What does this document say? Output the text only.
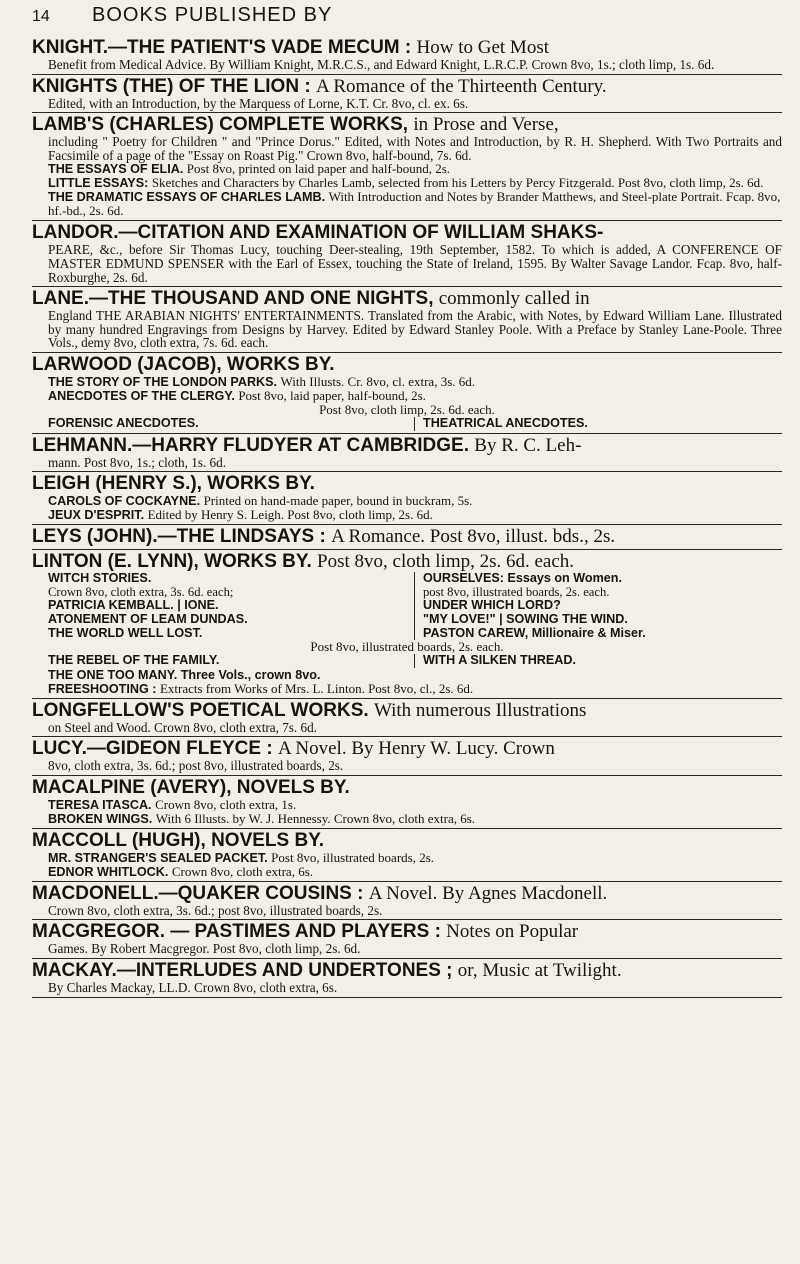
14	BOOKS PUBLISHED BY
KNIGHT.—THE PATIENT'S VADE MECUM : How to Get Most
Benefit from Medical Advice. By William Knight, M.R.C.S., and Edward Knight, L.R.C.P. Crown 8vo, 1s.; cloth limp, 1s. 6d.
KNIGHTS (THE) OF THE LION : A Romance of the Thirteenth Century.
Edited, with an Introduction, by the Marquess of Lorne, K.T. Cr. 8vo, cl. ex. 6s.
LAMB'S (CHARLES) COMPLETE WORKS, in Prose and Verse,
including " Poetry for Children " and "Prince Dorus." Edited, with Notes and Introduction, by R. H. Shepherd. With Two Portraits and Facsimile of a page of the "Essay on Roast Pig." Crown 8vo, half-bound, 7s. 6d.
THE ESSAYS OF ELIA. Post 8vo, printed on laid paper and half-bound, 2s.
LITTLE ESSAYS: Sketches and Characters by Charles Lamb, selected from his Letters by Percy Fitzgerald. Post 8vo, cloth limp, 2s. 6d.
THE DRAMATIC ESSAYS OF CHARLES LAMB. With Introduction and Notes by Brander Matthews, and Steel-plate Portrait. Fcap. 8vo, hf.-bd., 2s. 6d.
LANDOR.—CITATION AND EXAMINATION OF WILLIAM SHAKS-
PEARE, &c., before Sir Thomas Lucy, touching Deer-stealing, 19th September, 1582. To which is added, A CONFERENCE OF MASTER EDMUND SPENSER with the Earl of Essex, touching the State of Ireland, 1595. By Walter Savage Landor. Fcap. 8vo, half-Roxburghe, 2s. 6d.
LANE.—THE THOUSAND AND ONE NIGHTS, commonly called in
England THE ARABIAN NIGHTS' ENTERTAINMENTS. Translated from the Arabic, with Notes, by Edward William Lane. Illustrated by many hundred Engravings from Designs by Harvey. Edited by Edward Stanley Poole. With a Preface by Stanley Lane-Poole. Three Vols., demy 8vo, cloth extra, 7s. 6d. each.
LARWOOD (JACOB), WORKS BY.
THE STORY OF THE LONDON PARKS. With Illusts. Cr. 8vo, cl. extra, 3s. 6d.
ANECDOTES OF THE CLERGY. Post 8vo, laid paper, half-bound, 2s.
Post 8vo, cloth limp, 2s. 6d. each.
FORENSIC ANECDOTES.	THEATRICAL ANECDOTES.
LEHMANN.—HARRY FLUDYER AT CAMBRIDGE. By R. C. Leh-
mann. Post 8vo, 1s.; cloth, 1s. 6d.
LEIGH (HENRY S.), WORKS BY.
CAROLS OF COCKAYNE. Printed on hand-made paper, bound in buckram, 5s.
JEUX D'ESPRIT. Edited by Henry S. Leigh. Post 8vo, cloth limp, 2s. 6d.
LEYS (JOHN).—THE LINDSAYS : A Romance. Post 8vo, illust. bds., 2s.
LINTON (E. LYNN), WORKS BY. Post 8vo, cloth limp, 2s. 6d. each.
WITCH STORIES.	OURSELVES: Essays on Women.
Crown 8vo, cloth extra, 3s. 6d. each;	post 8vo, illustrated boards, 2s. each.
PATRICIA KEMBALL. | IONE.	UNDER WHICH LORD?
ATONEMENT OF LEAM DUNDAS.	"MY LOVE!" | SOWING THE WIND.
THE WORLD WELL LOST.	PASTON CAREW, Millionaire & Miser.
Post 8vo, illustrated boards, 2s. each.
THE REBEL OF THE FAMILY.	WITH A SILKEN THREAD.
THE ONE TOO MANY. Three Vols., crown 8vo.
FREESHOOTING : Extracts from Works of Mrs. L. Linton. Post 8vo, cl., 2s. 6d.
LONGFELLOW'S POETICAL WORKS. With numerous Illustrations
on Steel and Wood. Crown 8vo, cloth extra, 7s. 6d.
LUCY.—GIDEON FLEYCE : A Novel. By Henry W. Lucy. Crown
8vo, cloth extra, 3s. 6d.; post 8vo, illustrated boards, 2s.
MACALPINE (AVERY), NOVELS BY.
TERESA ITASCA. Crown 8vo, cloth extra, 1s.
BROKEN WINGS. With 6 Illusts. by W. J. Hennessy. Crown 8vo, cloth extra, 6s.
MACCOLL (HUGH), NOVELS BY.
MR. STRANGER'S SEALED PACKET. Post 8vo, illustrated boards, 2s.
EDNOR WHITLOCK. Crown 8vo, cloth extra, 6s.
MACDONELL.—QUAKER COUSINS : A Novel. By Agnes Macdonell.
Crown 8vo, cloth extra, 3s. 6d.; post 8vo, illustrated boards, 2s.
MACGREGOR. — PASTIMES AND PLAYERS : Notes on Popular
Games. By Robert Macgregor. Post 8vo, cloth limp, 2s. 6d.
MACKAY.—INTERLUDES AND UNDERTONES ; or, Music at Twilight.
By Charles Mackay, LL.D. Crown 8vo, cloth extra, 6s.
